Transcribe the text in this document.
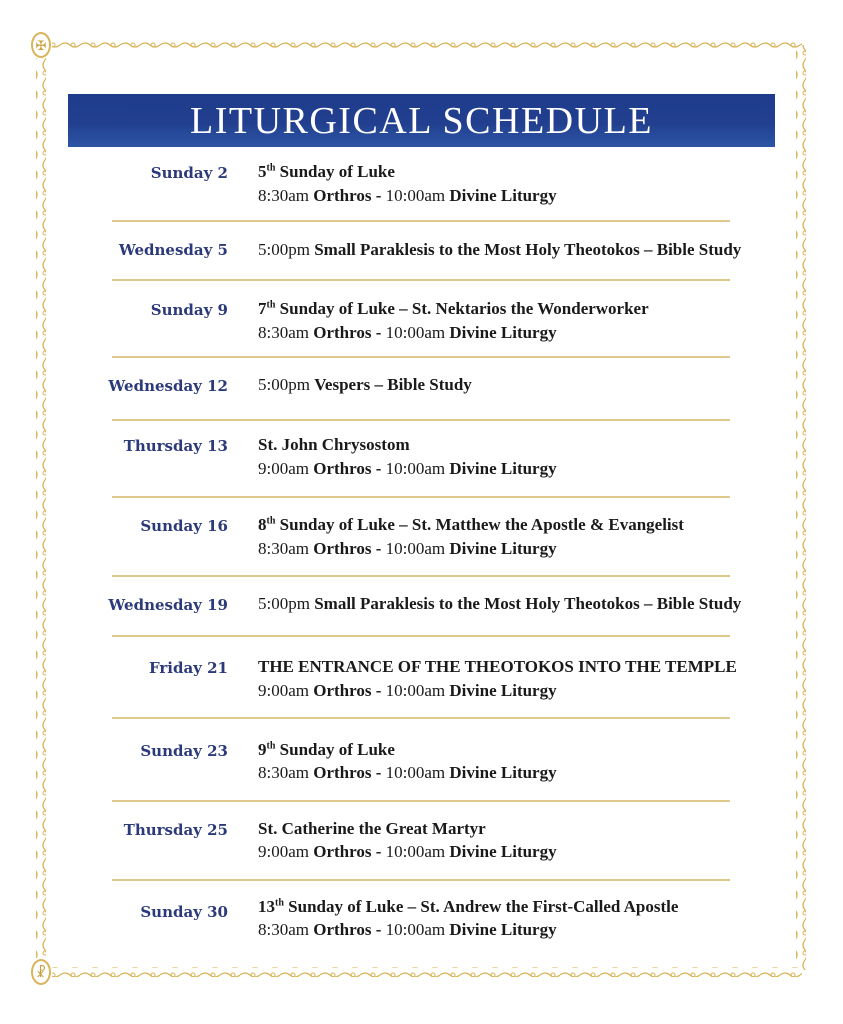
✠
☧
LITURGICAL SCHEDULE
Sunday 2 5th Sunday of Luke
8:30am Orthros - 10:00am Divine Liturgy
Wednesday 5 5:00pm Small Paraklesis to the Most Holy Theotokos – Bible Study
Sunday 9 7th Sunday of Luke – St. Nektarios the Wonderworker
8:30am Orthros - 10:00am Divine Liturgy
Wednesday 12 5:00pm Vespers – Bible Study
Thursday 13 St. John Chrysostom
9:00am Orthros - 10:00am Divine Liturgy
Sunday 16 8th Sunday of Luke – St. Matthew the Apostle & Evangelist
8:30am Orthros - 10:00am Divine Liturgy
Wednesday 19 5:00pm Small Paraklesis to the Most Holy Theotokos – Bible Study
Friday 21 THE ENTRANCE OF THE THEOTOKOS INTO THE TEMPLE
9:00am Orthros - 10:00am Divine Liturgy
Sunday 23 9th Sunday of Luke
8:30am Orthros - 10:00am Divine Liturgy
Thursday 25 St. Catherine the Great Martyr
9:00am Orthros - 10:00am Divine Liturgy
Sunday 30 13th Sunday of Luke – St. Andrew the First-Called Apostle
8:30am Orthros - 10:00am Divine Liturgy
